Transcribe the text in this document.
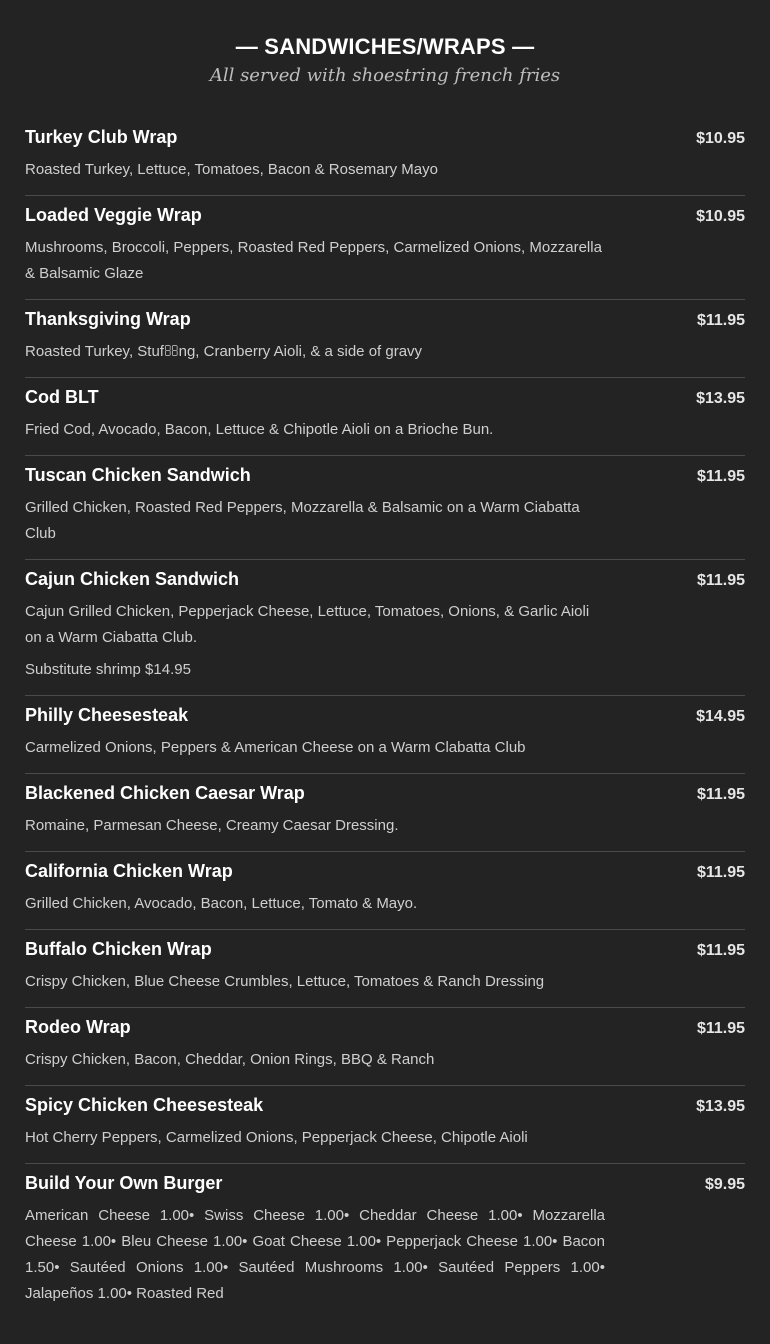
— SANDWICHES/WRAPS —
All served with shoestring french fries
Turkey Club Wrap	$10.95
Roasted Turkey, Lettuce, Tomatoes, Bacon & Rosemary Mayo
Loaded Veggie Wrap	$10.95
Mushrooms, Broccoli, Peppers, Roasted Red Peppers, Carmelized Onions, Mozzarella & Balsamic Glaze
Thanksgiving Wrap	$11.95
Roasted Turkey, Stuf ng, Cranberry Aioli, & a side of gravy
Cod BLT	$13.95
Fried Cod, Avocado, Bacon, Lettuce & Chipotle Aioli on a Brioche Bun.
Tuscan Chicken Sandwich	$11.95
Grilled Chicken, Roasted Red Peppers, Mozzarella & Balsamic on a Warm Ciabatta Club
Cajun Chicken Sandwich	$11.95
Cajun Grilled Chicken, Pepperjack Cheese, Lettuce, Tomatoes, Onions, & Garlic Aioli on a Warm Ciabatta Club.
Substitute shrimp $14.95
Philly Cheesesteak	$14.95
Carmelized Onions, Peppers & American Cheese on a Warm Clabatta Club
Blackened Chicken Caesar Wrap	$11.95
Romaine, Parmesan Cheese, Creamy Caesar Dressing.
California Chicken Wrap	$11.95
Grilled Chicken, Avocado, Bacon, Lettuce, Tomato & Mayo.
Buffalo Chicken Wrap	$11.95
Crispy Chicken, Blue Cheese Crumbles, Lettuce, Tomatoes & Ranch Dressing
Rodeo Wrap	$11.95
Crispy Chicken, Bacon, Cheddar, Onion Rings, BBQ & Ranch
Spicy Chicken Cheesesteak	$13.95
Hot Cherry Peppers, Carmelized Onions, Pepperjack Cheese, Chipotle Aioli
Build Your Own Burger	$9.95
American Cheese 1.00• Swiss Cheese 1.00• Cheddar Cheese 1.00• Mozzarella Cheese 1.00• Bleu Cheese 1.00• Goat Cheese 1.00• Pepperjack Cheese 1.00• Bacon 1.50• Sautéed Onions 1.00• Sautéed Mushrooms 1.00• Sautéed Peppers 1.00• Jalapeños 1.00• Roasted Red
